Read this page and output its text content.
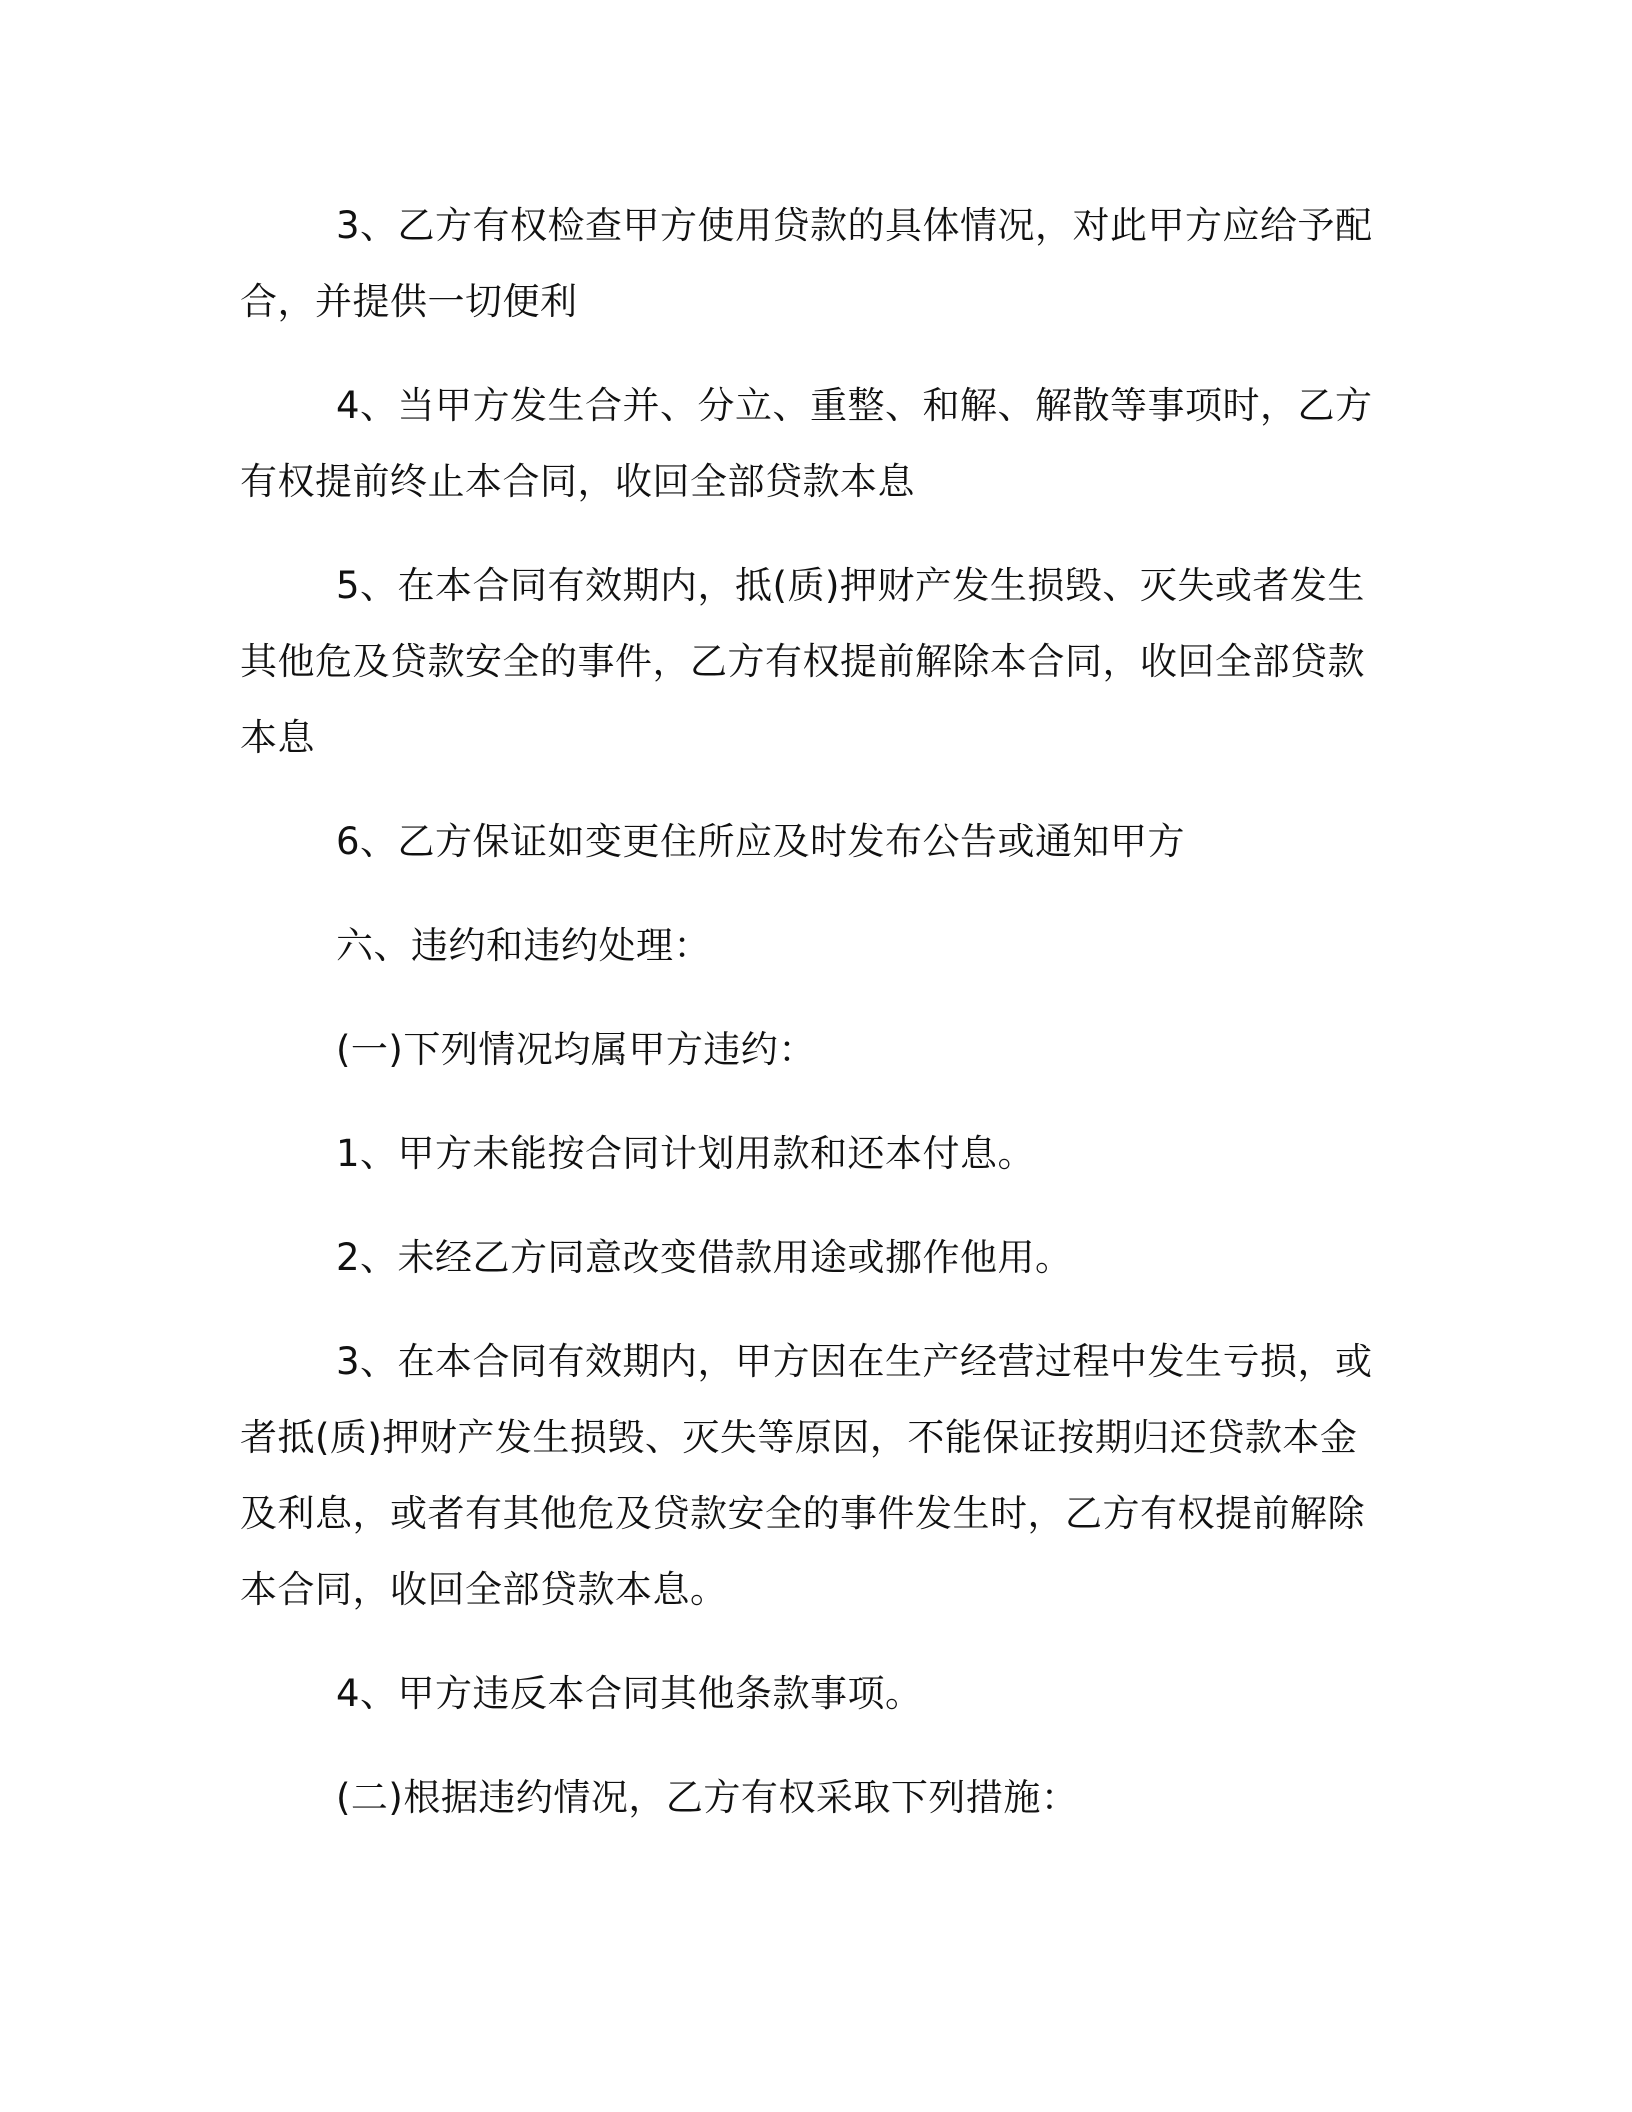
3、乙方有权检查甲方使用贷款的具体情况，对此甲方应给予配合，并提供一切便利

4、当甲方发生合并、分立、重整、和解、解散等事项时，乙方有权提前终止本合同，收回全部贷款本息

5、在本合同有效期内，抵(质)押财产发生损毁、灭失或者发生其他危及贷款安全的事件，乙方有权提前解除本合同，收回全部贷款本息

6、乙方保证如变更住所应及时发布公告或通知甲方

六、违约和违约处理：

(一)下列情况均属甲方违约：

1、甲方未能按合同计划用款和还本付息。

2、未经乙方同意改变借款用途或挪作他用。

3、在本合同有效期内，甲方因在生产经营过程中发生亏损，或者抵(质)押财产发生损毁、灭失等原因，不能保证按期归还贷款本金及利息，或者有其他危及贷款安全的事件发生时，乙方有权提前解除本合同，收回全部贷款本息。

4、甲方违反本合同其他条款事项。

(二)根据违约情况，乙方有权采取下列措施：
